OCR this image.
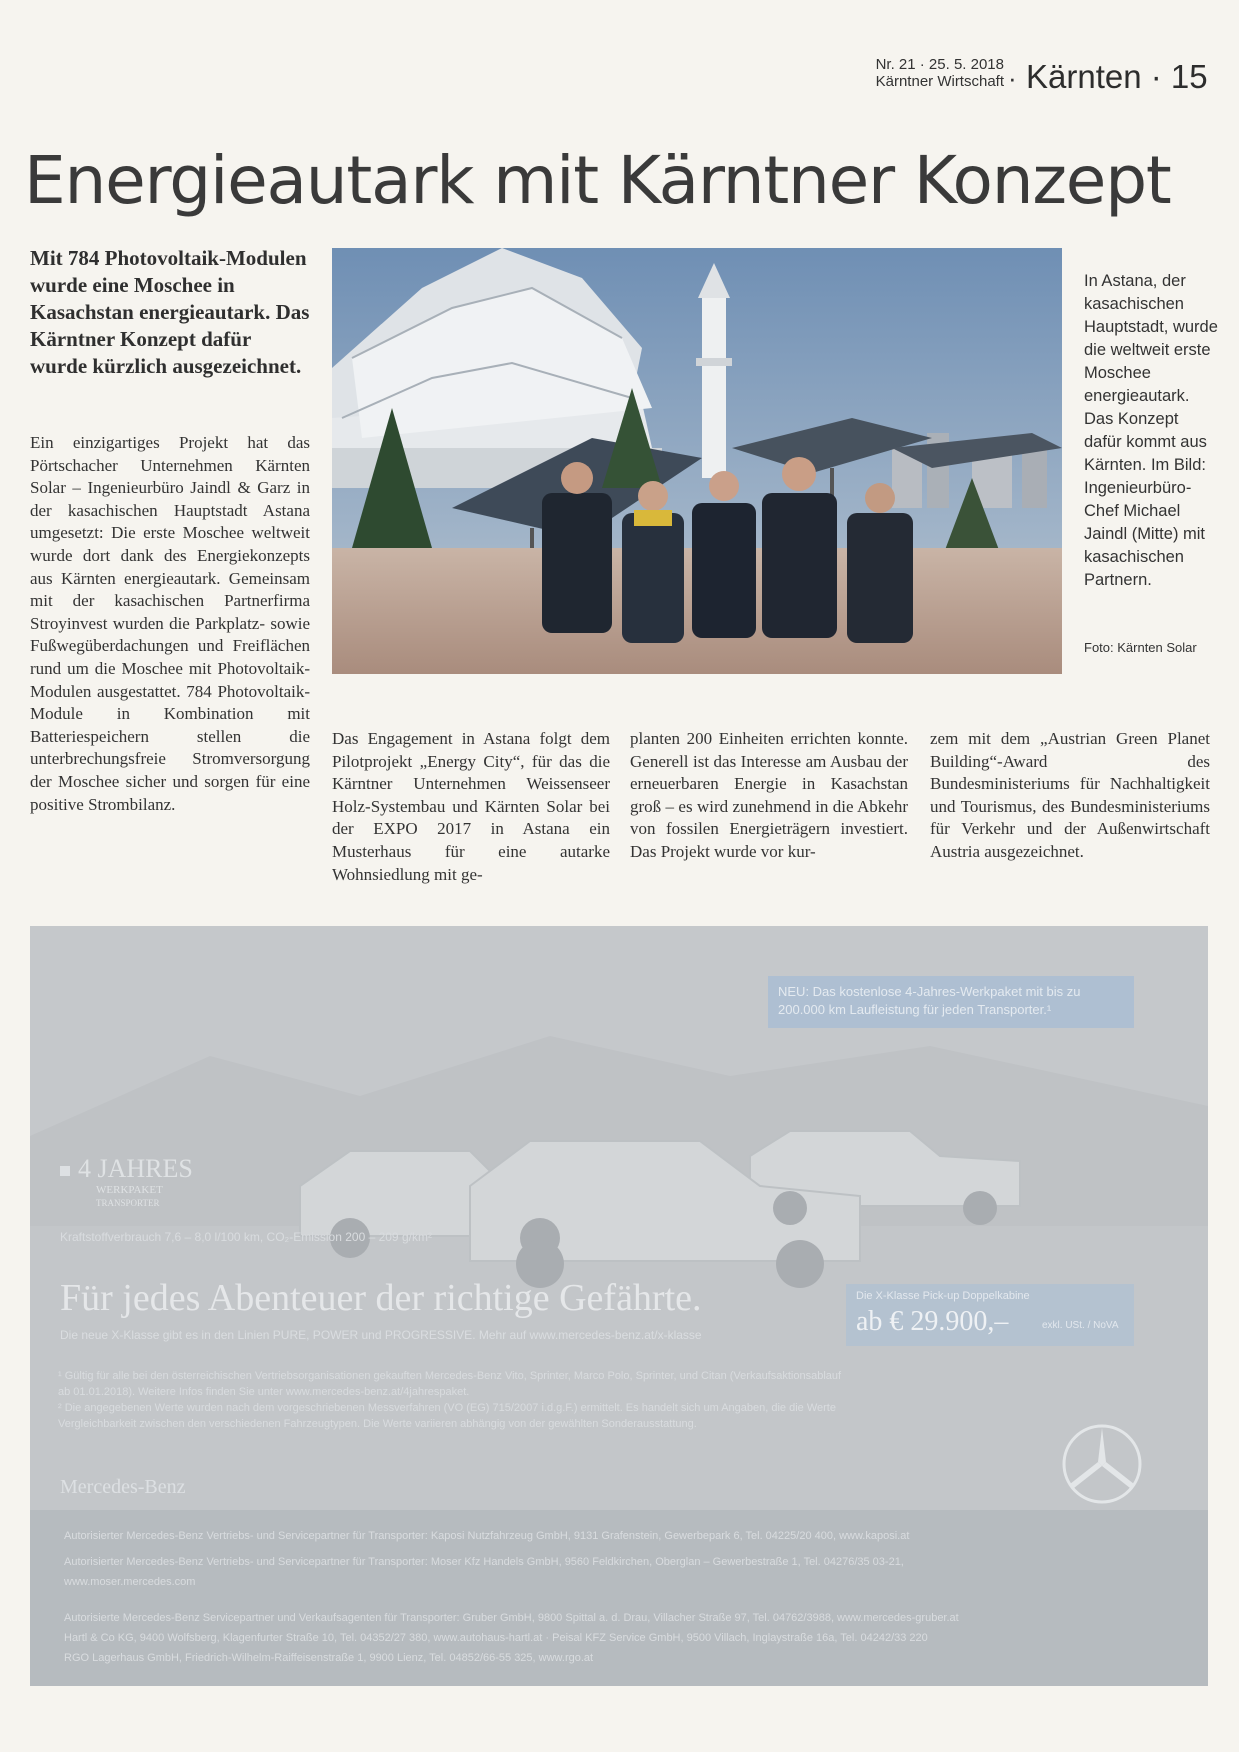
Nr. 21 · 25. 5. 2018
Kärntner Wirtschaft · Kärnten · 15
Energieautark mit Kärntner Konzept
Mit 784 Photovoltaik-Modulen wurde eine Moschee in Kasachstan energieautark. Das Kärntner Konzept dafür wurde kürzlich ausgezeichnet.
Ein einzigartiges Projekt hat das Pörtschacher Unternehmen Kärnten Solar – Ingenieurbüro Jaindl & Garz in der kasachischen Hauptstadt Astana umgesetzt: Die erste Moschee weltweit wurde dort dank des Energiekonzepts aus Kärnten energieautark. Gemeinsam mit der kasachischen Partnerfirma Stroyinvest wurden die Parkplatz- sowie Fußwegüberdachungen und Freiflächen rund um die Moschee mit Photovoltaik-Modulen ausgestattet. 784 Photovoltaik-Module in Kombination mit Batteriespeichern stellen die unterbrechungsfreie Stromversorgung der Moschee sicher und sorgen für eine positive Strombilanz.
Das Engagement in Astana folgt dem Pilotprojekt „Energy City“, für das die Kärntner Unternehmen Weissenseer Holz-Systembau und Kärnten Solar bei der EXPO 2017 in Astana ein Musterhaus für eine autarke Wohnsiedlung mit ge-
planten 200 Einheiten errichten konnte. Generell ist das Interesse am Ausbau der erneuerbaren Energie in Kasachstan groß – es wird zunehmend in die Abkehr von fossilen Energieträgern investiert. Das Projekt wurde vor kur-
zem mit dem „Austrian Green Planet Building“-Award des Bundesministeriums für Nachhaltigkeit und Tourismus, des Bundesministeriums für Verkehr und der Außenwirtschaft Austria ausgezeichnet.
In Astana, der kasachischen Hauptstadt, wurde die weltweit erste Moschee energieautark. Das Konzept dafür kommt aus Kärnten. Im Bild: Ingenieurbüro-Chef Michael Jaindl (Mitte) mit kasachischen Partnern.
Foto: Kärnten Solar
NEU: Das kostenlose 4-Jahres-Werkpaket mit bis zu 200.000 km Laufleistung für jeden Transporter.¹
4 JAHRES
WERKPAKET
TRANSPORTER
Kraftstoffverbrauch 7,6 – 8,0 l/100 km, CO₂-Emission 200 – 209 g/km²
Für jedes Abenteuer der richtige Gefährte.
Die neue X-Klasse gibt es in den Linien PURE, POWER und PROGRESSIVE. Mehr auf www.mercedes-benz.at/x-klasse
Die X-Klasse Pick-up Doppelkabine
ab € 29.900,–	exkl. USt. / NoVA
¹ Gültig für alle bei den österreichischen Vertriebsorganisationen gekauften Mercedes-Benz Vito, Sprinter, Marco Polo, Sprinter, und Citan (Verkaufsaktionsablauf
ab 01.01.2018). Weitere Infos finden Sie unter www.mercedes-benz.at/4jahrespaket.
² Die angegebenen Werte wurden nach dem vorgeschriebenen Messverfahren (VO (EG) 715/2007 i.d.g.F.) ermittelt. Es handelt sich um Angaben, die die Werte
Vergleichbarkeit zwischen den verschiedenen Fahrzeugtypen. Die Werte variieren abhängig von der gewählten Sonderausstattung.
Mercedes-Benz
Autorisierter Mercedes-Benz Vertriebs- und Servicepartner für Transporter: Kaposi Nutzfahrzeug GmbH, 9131 Grafenstein, Gewerbepark 6, Tel. 04225/20 400, www.kaposi.at
Autorisierter Mercedes-Benz Vertriebs- und Servicepartner für Transporter: Moser Kfz Handels GmbH, 9560 Feldkirchen, Oberglan – Gewerbestraße 1, Tel. 04276/35 03-21,
www.moser.mercedes.com
Autorisierte Mercedes-Benz Servicepartner und Verkaufsagenten für Transporter: Gruber GmbH, 9800 Spittal a. d. Drau, Villacher Straße 97, Tel. 04762/3988, www.mercedes-gruber.at
Hartl & Co KG, 9400 Wolfsberg, Klagenfurter Straße 10, Tel. 04352/27 380, www.autohaus-hartl.at · Peisal KFZ Service GmbH, 9500 Villach, Inglaystraße 16a, Tel. 04242/33 220
RGO Lagerhaus GmbH, Friedrich-Wilhelm-Raiffeisenstraße 1, 9900 Lienz, Tel. 04852/66-55 325, www.rgo.at
